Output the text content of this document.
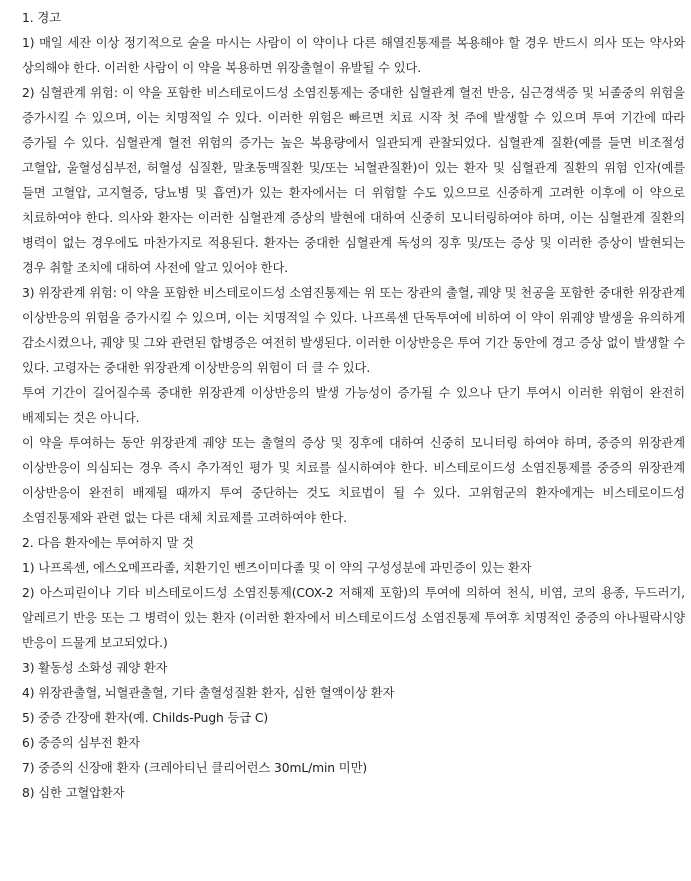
1. 경고

1) 매일 세잔 이상 정기적으로 술을 마시는 사람이 이 약이나 다른 해열진통제를 복용해야 할 경우 반드시 의사 또는 약사와 상의해야 한다. 이러한 사람이 이 약을 복용하면 위장출혈이 유발될 수 있다.

2) 심혈관계 위험: 이 약을 포함한 비스테로이드성 소염진통제는 중대한 심혈관계 혈전 반응, 심근경색증 및 뇌졸중의 위험을 증가시킬 수 있으며, 이는 치명적일 수 있다. 이러한 위험은 빠르면 치료 시작 첫 주에 발생할 수 있으며 투여 기간에 따라 증가될 수 있다. 심혈관계 혈전 위험의 증가는 높은 복용량에서 일관되게 관찰되었다. 심혈관계 질환(예를 들면 비조절성 고혈압, 울혈성심부전, 허혈성 심질환, 말초동맥질환 및/또는 뇌혈관질환)이 있는 환자 및 심혈관계 질환의 위험 인자(예를 들면 고혈압, 고지혈증, 당뇨병 및 흡연)가 있는 환자에서는 더 위험할 수도 있으므로 신중하게 고려한 이후에 이 약으로 치료하여야 한다. 의사와 환자는 이러한 심혈관계 증상의 발현에 대하여 신중히 모니터링하여야 하며, 이는 심혈관계 질환의 병력이 없는 경우에도 마찬가지로 적용된다. 환자는 중대한 심혈관계 독성의 징후 및/또는 증상 및 이러한 증상이 발현되는 경우 취할 조치에 대하여 사전에 알고 있어야 한다.

3) 위장관계 위험: 이 약을 포함한 비스테로이드성 소염진통제는 위 또는 장관의 출혈, 궤양 및 천공을 포함한 중대한 위장관계 이상반응의 위험을 증가시킬 수 있으며, 이는 치명적일 수 있다. 나프록센 단독투여에 비하여 이 약이 위궤양 발생을 유의하게 감소시켰으나, 궤양 및 그와 관련된 합병증은 여전히 발생된다. 이러한 이상반응은 투여 기간 동안에 경고 증상 없이 발생할 수 있다. 고령자는 중대한 위장관계 이상반응의 위험이 더 클 수 있다.

투여 기간이 길어질수록 중대한 위장관계 이상반응의 발생 가능성이 증가될 수 있으나 단기 투여시 이러한 위험이 완전히 배제되는 것은 아니다.

이 약을 투여하는 동안 위장관계 궤양 또는 출혈의 증상 및 징후에 대하여 신중히 모니터링 하여야 하며, 중증의 위장관계 이상반응이 의심되는 경우 즉시 추가적인 평가 및 치료를 실시하여야 한다. 비스테로이드성 소염진통제를 중증의 위장관계 이상반응이 완전히 배제될 때까지 투여 중단하는 것도 치료법이 될 수 있다. 고위험군의 환자에게는 비스테로이드성 소염진통제와 관련 없는 다른 대체 치료제를 고려하여야 한다.

2. 다음 환자에는 투여하지 말 것

1) 나프록센, 에스오메프라졸, 치환기인 벤즈이미다졸 및 이 약의 구성성분에 과민증이 있는 환자

2) 아스피린이나 기타 비스테로이드성 소염진통제(COX-2 저해제 포함)의 투여에 의하여 천식, 비염, 코의 용종, 두드러기, 알레르기 반응 또는 그 병력이 있는 환자 (이러한 환자에서 비스테로이드성 소염진통제 투여후 치명적인 중증의 아나필락시양 반응이 드물게 보고되었다.)

3) 활동성 소화성 궤양 환자

4) 위장관출혈, 뇌혈관출혈, 기타 출혈성질환 환자, 심한 혈액이상 환자

5) 중증 간장애 환자(예. Childs-Pugh 등급 C)

6) 중증의 심부전 환자

7) 중증의 신장애 환자 (크레아티닌 클리어런스 30mL/min 미만)

8) 심한 고혈압환자
